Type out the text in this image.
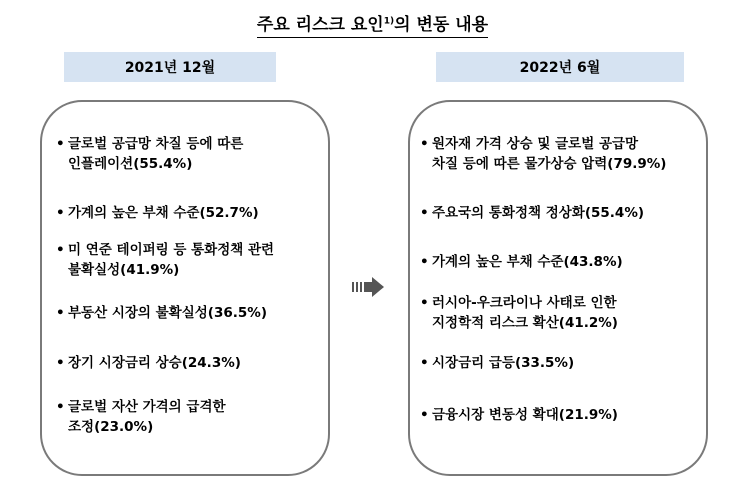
주요 리스크 요인$^{1)}$의 변동 내용
2021년 12월	2022년 6월
• 글로벌 공급망 차질 등에 따른
인플레이션(55.4%)
• 가계의 높은 부채 수준(52.7%)
• 미 연준 테이퍼링 등 통화정책 관련
불확실성(41.9%)
• 부동산 시장의 불확실성(36.5%)
• 장기 시장금리 상승(24.3%)
• 글로벌 자산 가격의 급격한
조정(23.0%)
• 원자재 가격 상승 및 글로벌 공급망
차질 등에 따른 물가상승 압력(79.9%)
• 주요국의 통화정책 정상화(55.4%)
• 가계의 높은 부채 수준(43.8%)
• 러시아-우크라이나 사태로 인한
지정학적 리스크 확산(41.2%)
• 시장금리 급등(33.5%)
• 금융시장 변동성 확대(21.9%)
